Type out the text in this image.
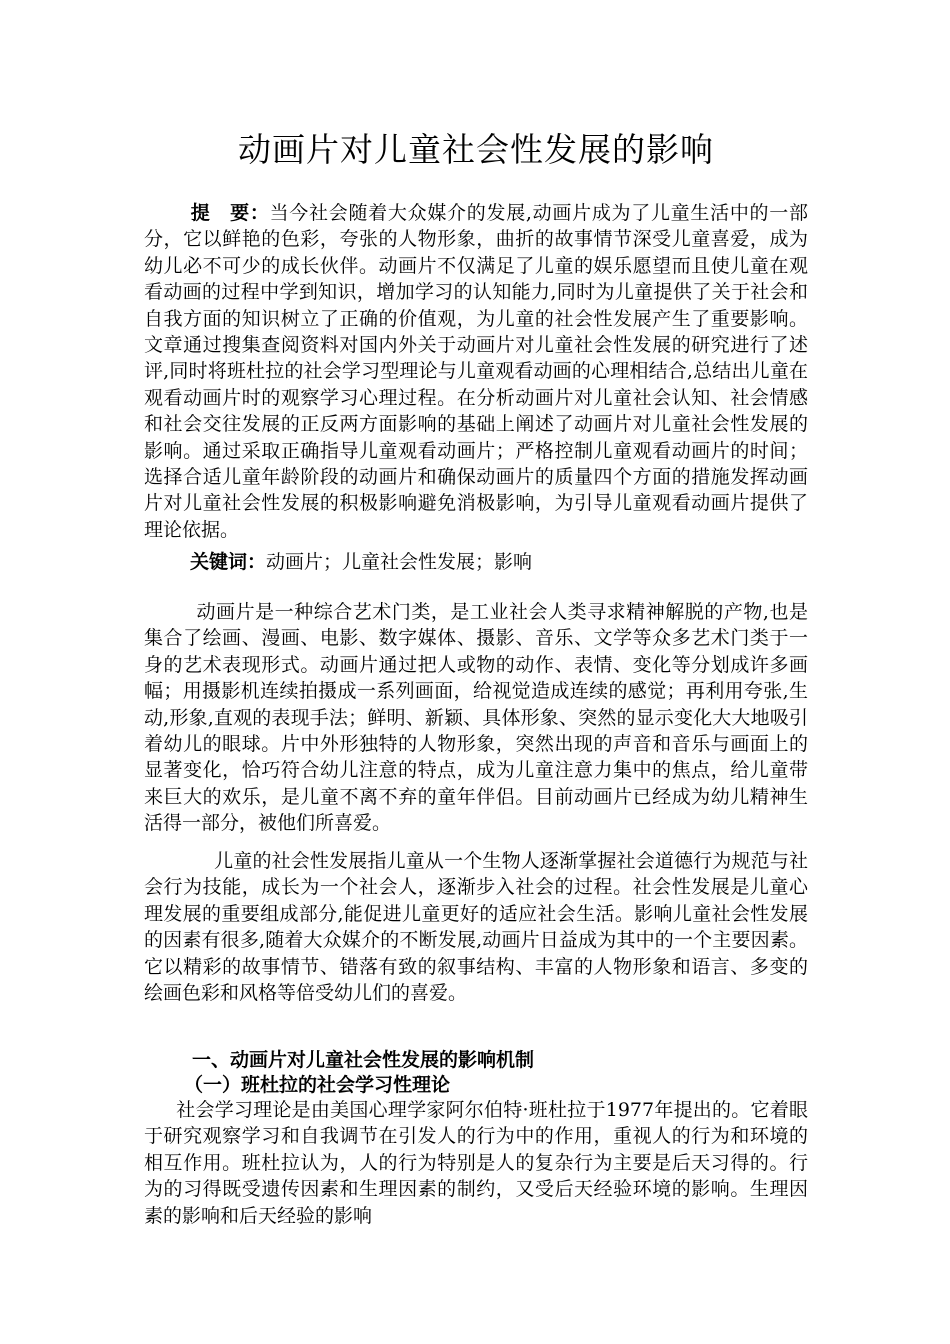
动画片对儿童社会性发展的影响

提　要：当今社会随着大众媒介的发展,动画片成为了儿童生活中的一部分，它以鲜艳的色彩，夸张的人物形象，曲折的故事情节深受儿童喜爱，成为幼儿必不可少的成长伙伴。动画片不仅满足了儿童的娱乐愿望而且使儿童在观看动画的过程中学到知识，增加学习的认知能力,同时为儿童提供了关于社会和自我方面的知识树立了正确的价值观，为儿童的社会性发展产生了重要影响。文章通过搜集查阅资料对国内外关于动画片对儿童社会性发展的研究进行了述评,同时将班杜拉的社会学习型理论与儿童观看动画的心理相结合,总结出儿童在观看动画片时的观察学习心理过程。在分析动画片对儿童社会认知、社会情感和社会交往发展的正反两方面影响的基础上阐述了动画片对儿童社会性发展的影响。通过采取正确指导儿童观看动画片；严格控制儿童观看动画片的时间；选择合适儿童年龄阶段的动画片和确保动画片的质量四个方面的措施发挥动画片对儿童社会性发展的积极影响避免消极影响，为引导儿童观看动画片提供了理论依据。

关键词：动画片；儿童社会性发展；影响

动画片是一种综合艺术门类，是工业社会人类寻求精神解脱的产物,也是集合了绘画、漫画、电影、数字媒体、摄影、音乐、文学等众多艺术门类于一身的艺术表现形式。动画片通过把人或物的动作、表情、变化等分划成许多画幅；用摄影机连续拍摄成一系列画面，给视觉造成连续的感觉；再利用夸张,生动,形象,直观的表现手法；鲜明、新颖、具体形象、突然的显示变化大大地吸引着幼儿的眼球。片中外形独特的人物形象，突然出现的声音和音乐与画面上的显著变化，恰巧符合幼儿注意的特点，成为儿童注意力集中的焦点，给儿童带来巨大的欢乐，是儿童不离不弃的童年伴侣。目前动画片已经成为幼儿精神生活得一部分，被他们所喜爱。

儿童的社会性发展指儿童从一个生物人逐渐掌握社会道德行为规范与社会行为技能，成长为一个社会人，逐渐步入社会的过程。社会性发展是儿童心理发展的重要组成部分,能促进儿童更好的适应社会生活。影响儿童社会性发展的因素有很多,随着大众媒介的不断发展,动画片日益成为其中的一个主要因素。它以精彩的故事情节、错落有致的叙事结构、丰富的人物形象和语言、多变的绘画色彩和风格等倍受幼儿们的喜爱。

一、动画片对儿童社会性发展的影响机制
（一）班杜拉的社会学习性理论

社会学习理论是由美国心理学家阿尔伯特·班杜拉于1977年提出的。它着眼于研究观察学习和自我调节在引发人的行为中的作用，重视人的行为和环境的相互作用。班杜拉认为，人的行为特别是人的复杂行为主要是后天习得的。行为的习得既受遗传因素和生理因素的制约，又受后天经验环境的影响。生理因素的影响和后天经验的影响
